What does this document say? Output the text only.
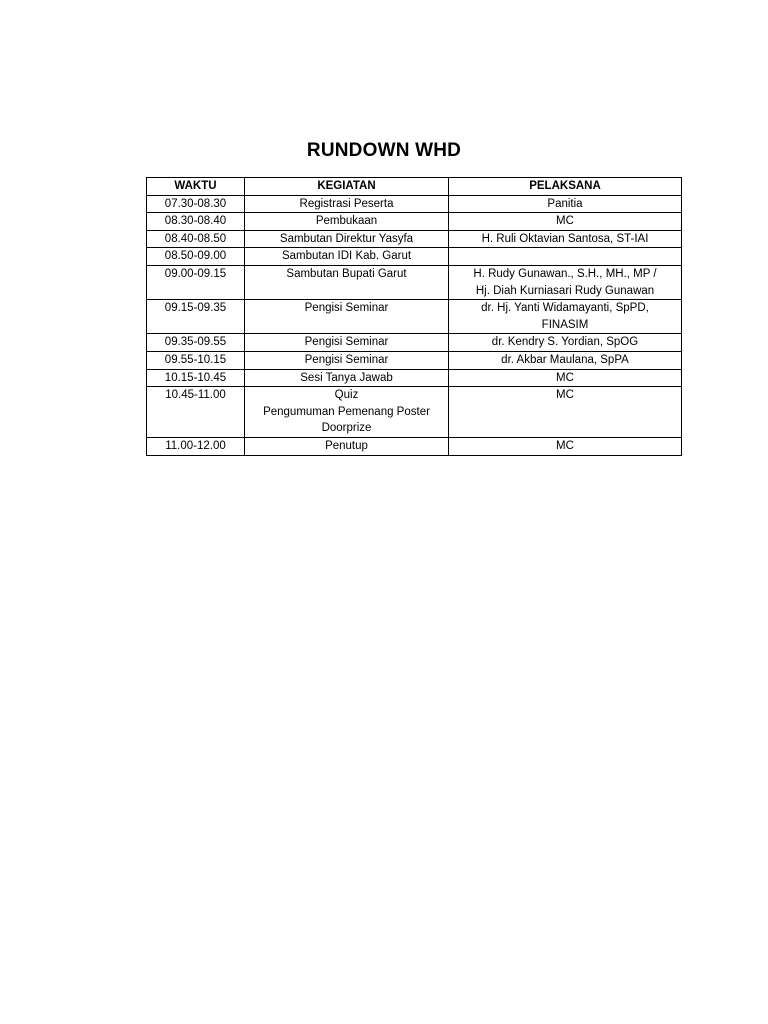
RUNDOWN WHD
WAKTU	KEGIATAN	PELAKSANA
07.30-08.30	Registrasi Peserta	Panitia
08.30-08.40	Pembukaan	MC
08.40-08.50	Sambutan Direktur Yasyfa	H. Ruli Oktavian Santosa, ST-IAI
08.50-09.00	Sambutan IDI Kab. Garut	
09.00-09.15	Sambutan Bupati Garut	H. Rudy Gunawan., S.H., MH., MP /
Hj. Diah Kurniasari Rudy Gunawan
09.15-09.35	Pengisi Seminar	dr. Hj. Yanti Widamayanti, SpPD,
FINASIM
09.35-09.55	Pengisi Seminar	dr. Kendry S. Yordian, SpOG
09.55-10.15	Pengisi Seminar	dr. Akbar Maulana, SpPA
10.15-10.45	Sesi Tanya Jawab	MC
10.45-11.00	Quiz
Pengumuman Pemenang Poster
Doorprize	MC
11.00-12.00	Penutup	MC
